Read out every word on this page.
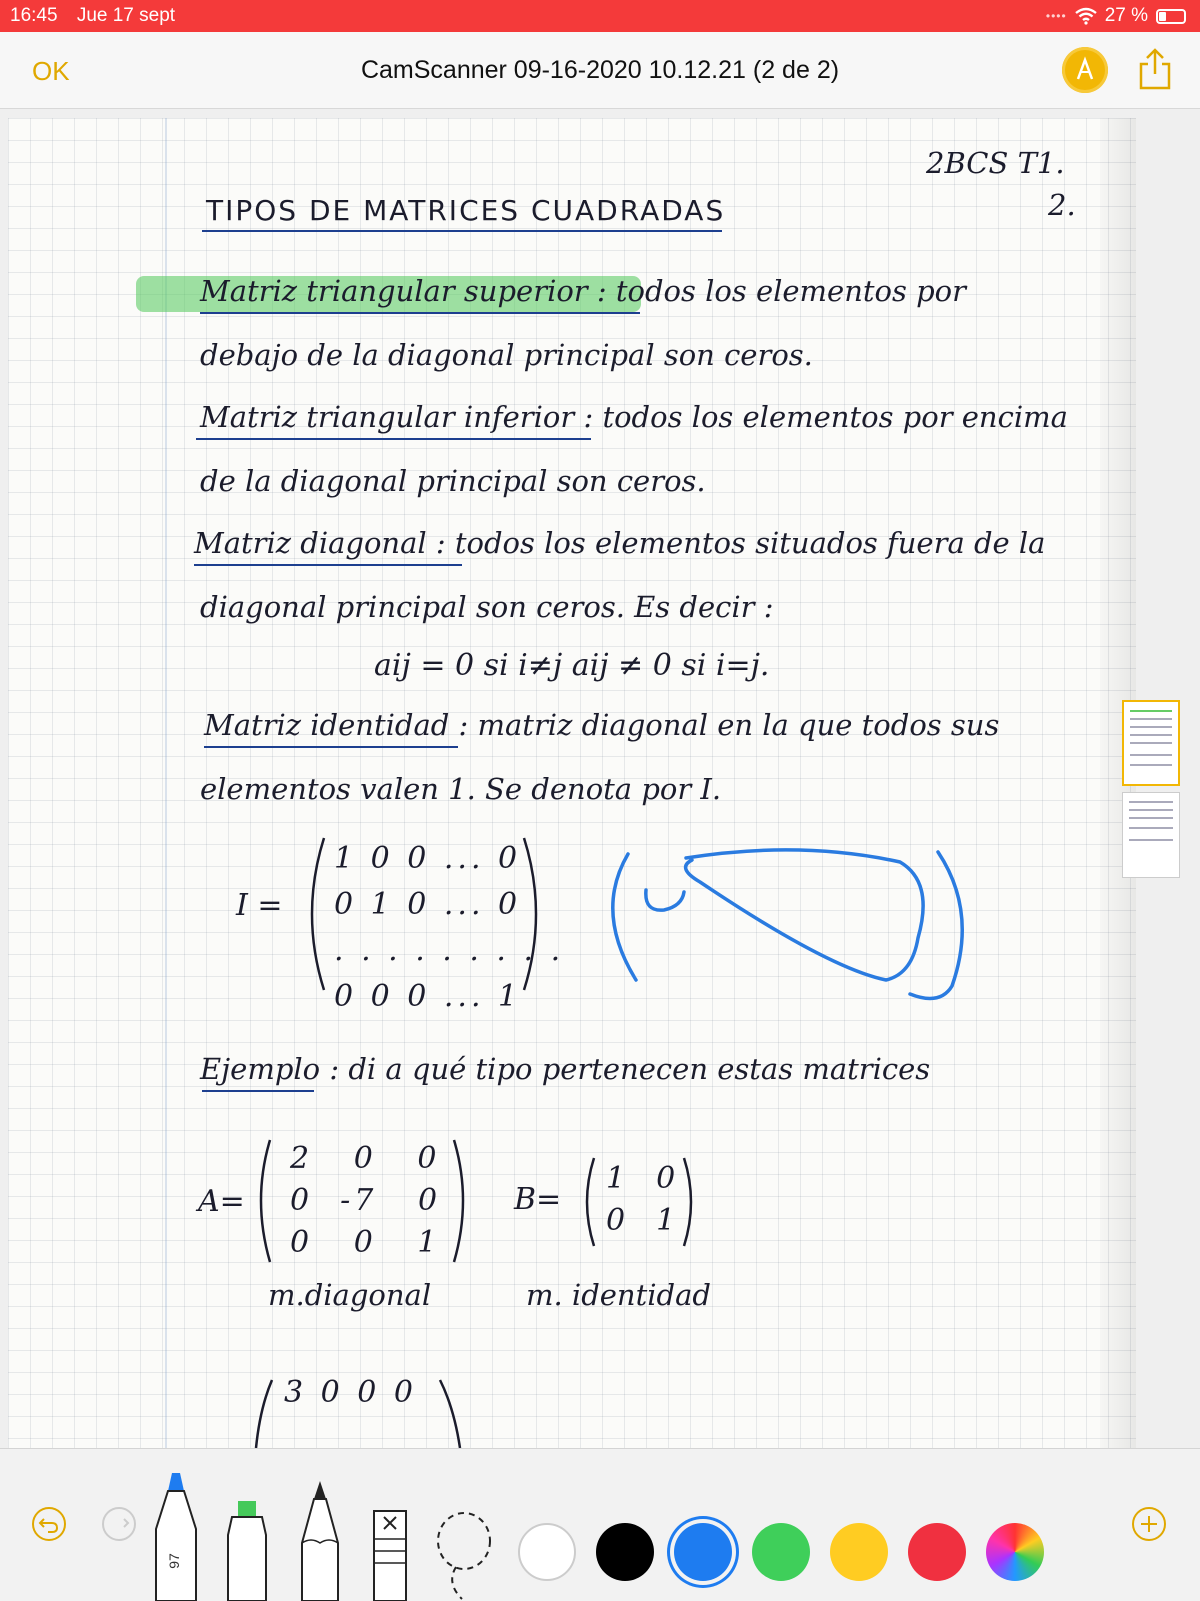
16:45 Jue 17 sept	•••• 27 %
OK	CamScanner 09-16-2020 10.12.21 (2 de 2)
2BCS T1.
2.
TIPOS DE MATRICES CUADRADAS
Matriz triangular superior : todos los elementos por
debajo de la diagonal principal son ceros.
Matriz triangular inferior : todos los elementos por encima
de la diagonal principal son ceros.
Matriz diagonal : todos los elementos situados fuera de la
diagonal principal son ceros. Es decir :
aij = 0 si i≠j aij ≠ 0 si i=j.
Matriz identidad : matriz diagonal en la que todos sus
elementos valen 1. Se denota por I.
I =
1 0 0 ... 0
0 1 0 ... 0
. . . . . . . . .
0 0 0 ... 1
Ejemplo : di a qué tipo pertenecen estas matrices
A=
2   0   0
0  -7   0
0   0   1
m.diagonal
B=
1  0
0  1
m. identidad
3 0 0 0
97
